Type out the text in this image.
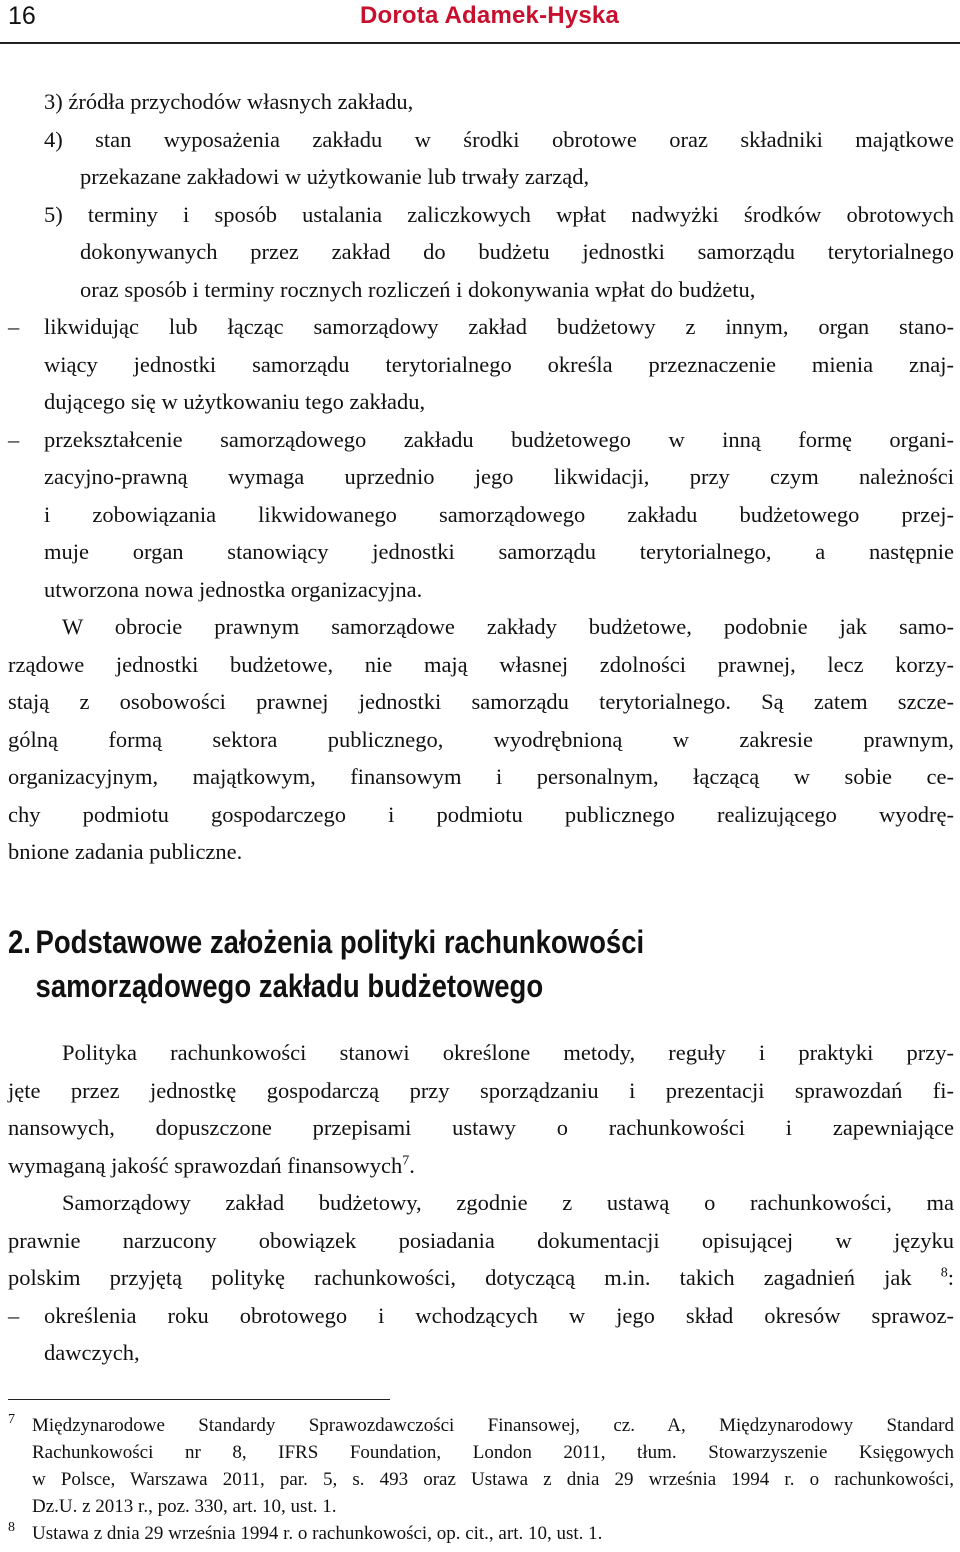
16	Dorota Adamek-Hyska
3) źródła przychodów własnych zakładu,
4) stan wyposażenia zakładu w środki obrotowe oraz składniki majątkowe
przekazane zakładowi w użytkowanie lub trwały zarząd,
5) terminy i sposób ustalania zaliczkowych wpłat nadwyżki środków obrotowych
dokonywanych przez zakład do budżetu jednostki samorządu terytorialnego
oraz sposób i terminy rocznych rozliczeń i dokonywania wpłat do budżetu,
–	likwidując lub łącząc samorządowy zakład budżetowy z innym, organ stano-
wiący jednostki samorządu terytorialnego określa przeznaczenie mienia znaj-
dującego się w użytkowaniu tego zakładu,
–	przekształcenie samorządowego zakładu budżetowego w inną formę organi-
zacyjno-prawną wymaga uprzednio jego likwidacji, przy czym należności
i zobowiązania likwidowanego samorządowego zakładu budżetowego przej-
muje organ stanowiący jednostki samorządu terytorialnego, a następnie
utworzona nowa jednostka organizacyjna.
W obrocie prawnym samorządowe zakłady budżetowe, podobnie jak samo-
rządowe jednostki budżetowe, nie mają własnej zdolności prawnej, lecz korzy-
stają z osobowości prawnej jednostki samorządu terytorialnego. Są zatem szcze-
gólną formą sektora publicznego, wyodrębnioną w zakresie prawnym,
organizacyjnym, majątkowym, finansowym i personalnym, łączącą w sobie ce-
chy podmiotu gospodarczego i podmiotu publicznego realizującego wyodrę-
bnione zadania publiczne.
2. Podstawowe założenia polityki rachunkowości
samorządowego zakładu budżetowego
Polityka rachunkowości stanowi określone metody, reguły i praktyki przy-
jęte przez jednostkę gospodarczą przy sporządzaniu i prezentacji sprawozdań fi-
nansowych, dopuszczone przepisami ustawy o rachunkowości i zapewniające
wymaganą jakość sprawozdań finansowych$^7$.
Samorządowy zakład budżetowy, zgodnie z ustawą o rachunkowości, ma
prawnie narzucony obowiązek posiadania dokumentacji opisującej w języku
polskim przyjętą politykę rachunkowości, dotyczącą m.in. takich zagadnień jak $^8$:
–	określenia roku obrotowego i wchodzących w jego skład okresów sprawoz-
dawczych,
7 Międzynarodowe Standardy Sprawozdawczości Finansowej, cz. A, Międzynarodowy Standard
Rachunkowości nr 8, IFRS Foundation, London 2011, tłum. Stowarzyszenie Księgowych
w Polsce, Warszawa 2011, par. 5, s. 493 oraz Ustawa z dnia 29 września 1994 r. o rachunkowości,
Dz.U. z 2013 r., poz. 330, art. 10, ust. 1.
8 Ustawa z dnia 29 września 1994 r. o rachunkowości, op. cit., art. 10, ust. 1.
